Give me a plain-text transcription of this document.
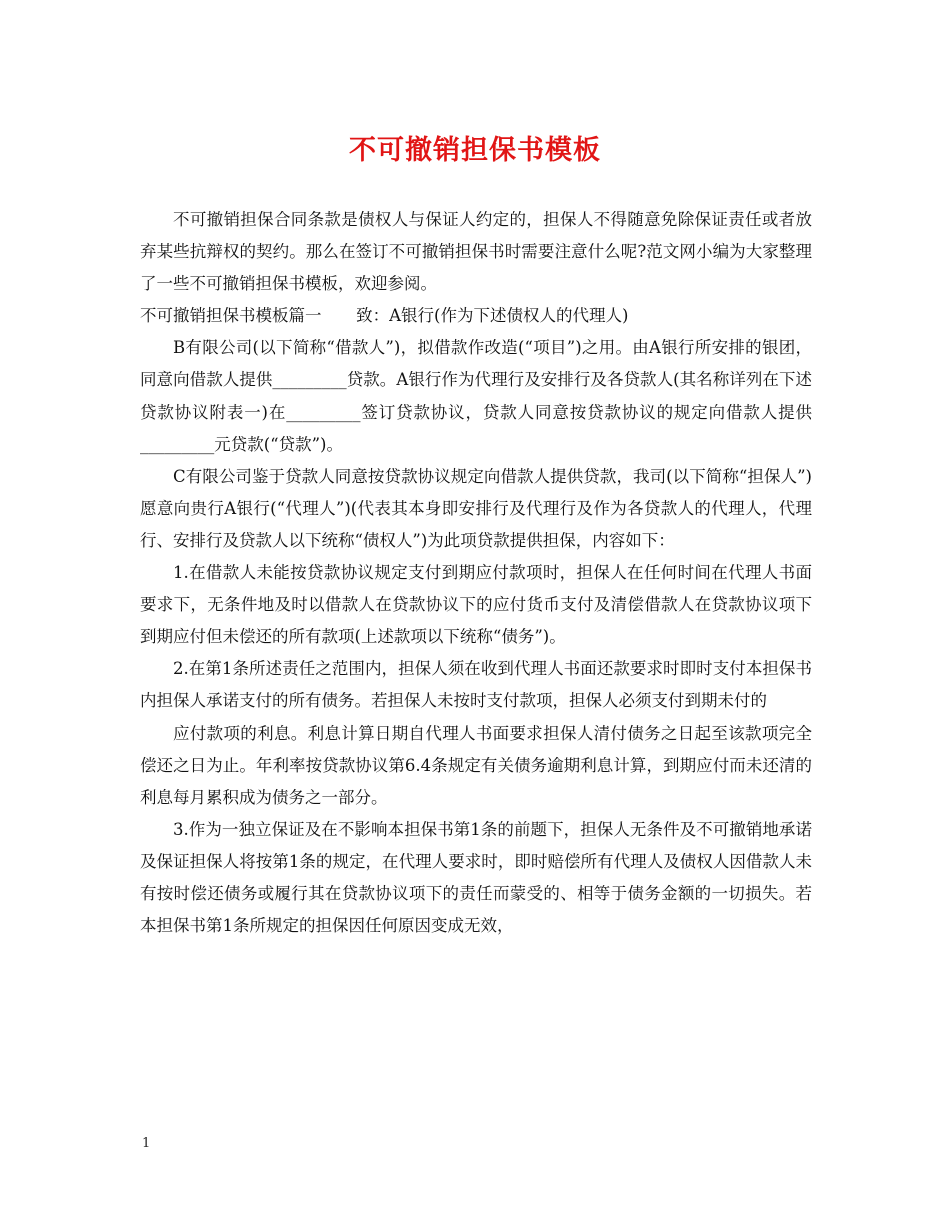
不可撤销担保书模板

不可撤销担保合同条款是债权人与保证人约定的，担保人不得随意免除保证责任或者放弃某些抗辩权的契约。那么在签订不可撤销担保书时需要注意什么呢?范文网小编为大家整理了一些不可撤销担保书模板，欢迎参阅。

不可撤销担保书模板篇一 致：A银行(作为下述债权人的代理人)

B有限公司(以下简称“借款人”)，拟借款作改造(“项目”)之用。由A银行所安排的银团，同意向借款人提供_________贷款。A银行作为代理行及安排行及各贷款人(其名称详列在下述贷款协议附表一)在_________签订贷款协议，贷款人同意按贷款协议的规定向借款人提供_________元贷款(“贷款”)。

C有限公司鉴于贷款人同意按贷款协议规定向借款人提供贷款，我司(以下简称“担保人”)愿意向贵行A银行(“代理人”)(代表其本身即安排行及代理行及作为各贷款人的代理人，代理行、安排行及贷款人以下统称“债权人”)为此项贷款提供担保，内容如下：

1.在借款人未能按贷款协议规定支付到期应付款项时，担保人在任何时间在代理人书面要求下，无条件地及时以借款人在贷款协议下的应付货币支付及清偿借款人在贷款协议项下到期应付但未偿还的所有款项(上述款项以下统称“债务”)。

2.在第1条所述责任之范围内，担保人须在收到代理人书面还款要求时即时支付本担保书内担保人承诺支付的所有债务。若担保人未按时支付款项，担保人必须支付到期未付的

应付款项的利息。利息计算日期自代理人书面要求担保人清付债务之日起至该款项完全偿还之日为止。年利率按贷款协议第6.4条规定有关债务逾期利息计算，到期应付而未还清的利息每月累积成为债务之一部分。

3.作为一独立保证及在不影响本担保书第1条的前题下，担保人无条件及不可撤销地承诺及保证担保人将按第1条的规定，在代理人要求时，即时赔偿所有代理人及债权人因借款人未有按时偿还债务或履行其在贷款协议项下的责任而蒙受的、相等于债务金额的一切损失。若本担保书第1条所规定的担保因任何原因变成无效，

1
